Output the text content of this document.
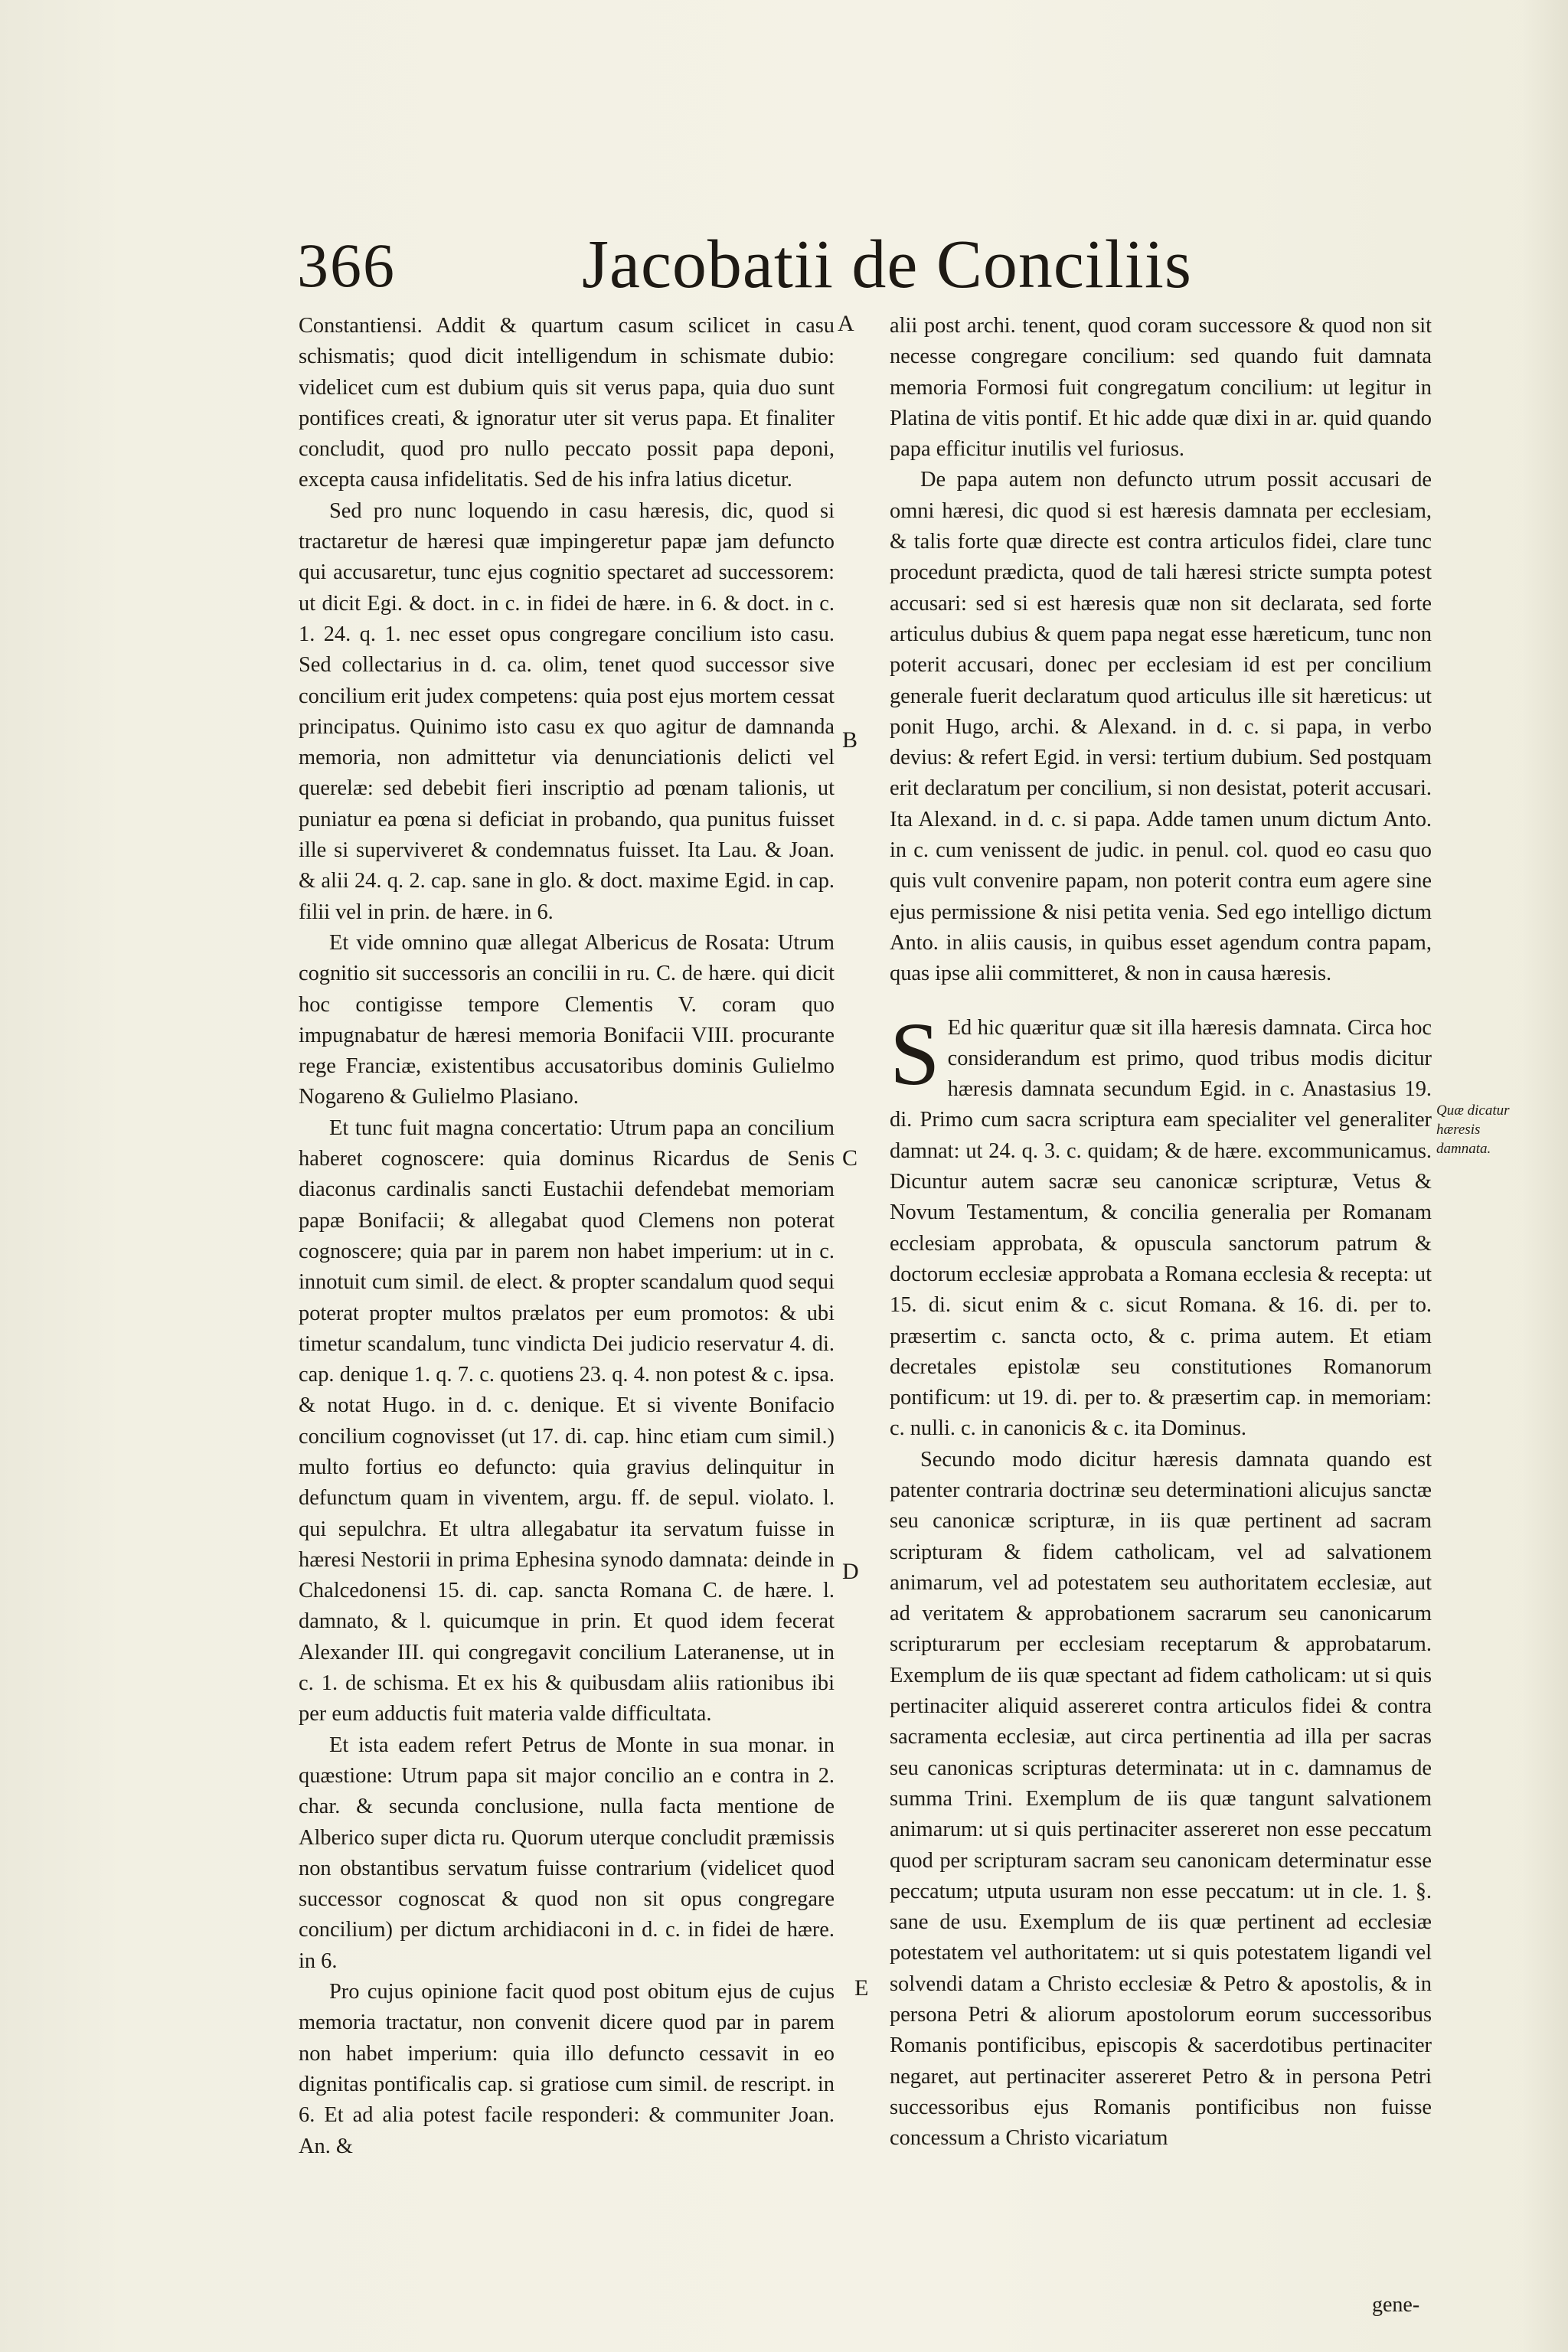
366	Jacobatii de Conciliis

Constantiensi. Addit & quartum casum scilicet in casu schismatis; quod dicit intelligendum in schismate dubio: videlicet cum est dubium quis sit verus papa, quia duo sunt pontifices creati, & ignoratur uter sit verus papa. Et finaliter concludit, quod pro nullo peccato possit papa deponi, excepta causa infidelitatis. Sed de his infra latius dicetur.

Sed pro nunc loquendo in casu hæresis, dic, quod si tractaretur de hæresi quæ impingeretur papæ jam defuncto qui accusaretur, tunc ejus cognitio spectaret ad successorem: ut dicit Egi. & doct. in c. in fidei de hære. in 6. & doct. in c. 1. 24. q. 1. nec esset opus congregare concilium isto casu. Sed collectarius in d. ca. olim, tenet quod successor sive concilium erit judex competens: quia post ejus mortem cessat principatus. Quinimo isto casu ex quo agitur de damnanda memoria, non admittetur via denunciationis delicti vel querelæ: sed debebit fieri inscriptio ad pœnam talionis, ut puniatur ea pœna si deficiat in probando, qua punitus fuisset ille si superviveret & condemnatus fuisset. Ita Lau. & Joan. & alii 24. q. 2. cap. sane in glo. & doct. maxime Egid. in cap. filii vel in prin. de hære. in 6.

Et vide omnino quæ allegat Albericus de Rosata: Utrum cognitio sit successoris an concilii in ru. C. de hære. qui dicit hoc contigisse tempore Clementis V. coram quo impugnabatur de hæresi memoria Bonifacii VIII. procurante rege Franciæ, existentibus accusatoribus dominis Gulielmo Nogareno & Gulielmo Plasiano.

Et tunc fuit magna concertatio: Utrum papa an concilium haberet cognoscere: quia dominus Ricardus de Senis diaconus cardinalis sancti Eustachii defendebat memoriam papæ Bonifacii; & allegabat quod Clemens non poterat cognoscere; quia par in parem non habet imperium: ut in c. innotuit cum simil. de elect. & propter scandalum quod sequi poterat propter multos prælatos per eum promotos: & ubi timetur scandalum, tunc vindicta Dei judicio reservatur 4. di. cap. denique 1. q. 7. c. quotiens 23. q. 4. non potest & c. ipsa. & notat Hugo. in d. c. denique. Et si vivente Bonifacio concilium cognovisset (ut 17. di. cap. hinc etiam cum simil.) multo fortius eo defuncto: quia gravius delinquitur in defunctum quam in viventem, argu. ff. de sepul. violato. l. qui sepulchra. Et ultra allegabatur ita servatum fuisse in hæresi Nestorii in prima Ephesina synodo damnata: deinde in Chalcedonensi 15. di. cap. sancta Romana C. de hære. l. damnato, & l. quicumque in prin. Et quod idem fecerat Alexander III. qui congregavit concilium Lateranense, ut in c. 1. de schisma. Et ex his & quibusdam aliis rationibus ibi per eum adductis fuit materia valde difficultata.

Et ista eadem refert Petrus de Monte in sua monar. in quæstione: Utrum papa sit major concilio an e contra in 2. char. & secunda conclusione, nulla facta mentione de Alberico super dicta ru. Quorum uterque concludit præmissis non obstantibus servatum fuisse contrarium (videlicet quod successor cognoscat & quod non sit opus congregare concilium) per dictum archidiaconi in d. c. in fidei de hære. in 6.

Pro cujus opinione facit quod post obitum ejus de cujus memoria tractatur, non convenit dicere quod par in parem non habet imperium: quia illo defuncto cessavit in eo dignitas pontificalis cap. si gratiose cum simil. de rescript. in 6. Et ad alia potest facile responderi: & communiter Joan. An. &

A
B
C
D
E

alii post archi. tenent, quod coram successore & quod non sit necesse congregare concilium: sed quando fuit damnata memoria Formosi fuit congregatum concilium: ut legitur in Platina de vitis pontif. Et hic adde quæ dixi in ar. quid quando papa efficitur inutilis vel furiosus.

De papa autem non defuncto utrum possit accusari de omni hæresi, dic quod si est hæresis damnata per ecclesiam, & talis forte quæ directe est contra articulos fidei, clare tunc procedunt prædicta, quod de tali hæresi stricte sumpta potest accusari: sed si est hæresis quæ non sit declarata, sed forte articulus dubius & quem papa negat esse hæreticum, tunc non poterit accusari, donec per ecclesiam id est per concilium generale fuerit declaratum quod articulus ille sit hæreticus: ut ponit Hugo, archi. & Alexand. in d. c. si papa, in verbo devius: & refert Egid. in versi: tertium dubium. Sed postquam erit declaratum per concilium, si non desistat, poterit accusari. Ita Alexand. in d. c. si papa. Adde tamen unum dictum Anto. in c. cum venissent de judic. in penul. col. quod eo casu quo quis vult convenire papam, non poterit contra eum agere sine ejus permissione & nisi petita venia. Sed ego intelligo dictum Anto. in aliis causis, in quibus esset agendum contra papam, quas ipse alii committeret, & non in causa hæresis.

S Ed hic quæritur quæ sit illa hæresis damnata. Circa hoc considerandum est primo, quod tribus modis dicitur hæresis damnata secundum Egid. in c. Anastasius 19. di. Primo cum sacra scriptura eam specialiter vel generaliter damnat: ut 24. q. 3. c. quidam; & de hære. excommunicamus. Dicuntur autem sacræ seu canonicæ scripturæ, Vetus & Novum Testamentum, & concilia generalia per Romanam ecclesiam approbata, & opuscula sanctorum patrum & doctorum ecclesiæ approbata a Romana ecclesia & recepta: ut 15. di. sicut enim & c. sicut Romana. & 16. di. per to. præsertim c. sancta octo, & c. prima autem. Et etiam decretales epistolæ seu constitutiones Romanorum pontificum: ut 19. di. per to. & præsertim cap. in memoriam: c. nulli. c. in canonicis & c. ita Dominus.

Secundo modo dicitur hæresis damnata quando est patenter contraria doctrinæ seu determinationi alicujus sanctæ seu canonicæ scripturæ, in iis quæ pertinent ad sacram scripturam & fidem catholicam, vel ad salvationem animarum, vel ad potestatem seu authoritatem ecclesiæ, aut ad veritatem & approbationem sacrarum seu canonicarum scripturarum per ecclesiam receptarum & approbatarum. Exemplum de iis quæ spectant ad fidem catholicam: ut si quis pertinaciter aliquid assereret contra articulos fidei & contra sacramenta ecclesiæ, aut circa pertinentia ad illa per sacras seu canonicas scripturas determinata: ut in c. damnamus de summa Trini. Exemplum de iis quæ tangunt salvationem animarum: ut si quis pertinaciter assereret non esse peccatum quod per scripturam sacram seu canonicam determinatur esse peccatum; utputa usuram non esse peccatum: ut in cle. 1. §. sane de usu. Exemplum de iis quæ pertinent ad ecclesiæ potestatem vel authoritatem: ut si quis potestatem ligandi vel solvendi datam a Christo ecclesiæ & Petro & apostolis, & in persona Petri & aliorum apostolorum eorum successoribus Romanis pontificibus, episcopis & sacerdotibus pertinaciter negaret, aut pertinaciter assereret Petro & in persona Petri successoribus ejus Romanis pontificibus non fuisse concessum a Christo vicariatum

Quæ dicatur hæresis damnata.
gene-
